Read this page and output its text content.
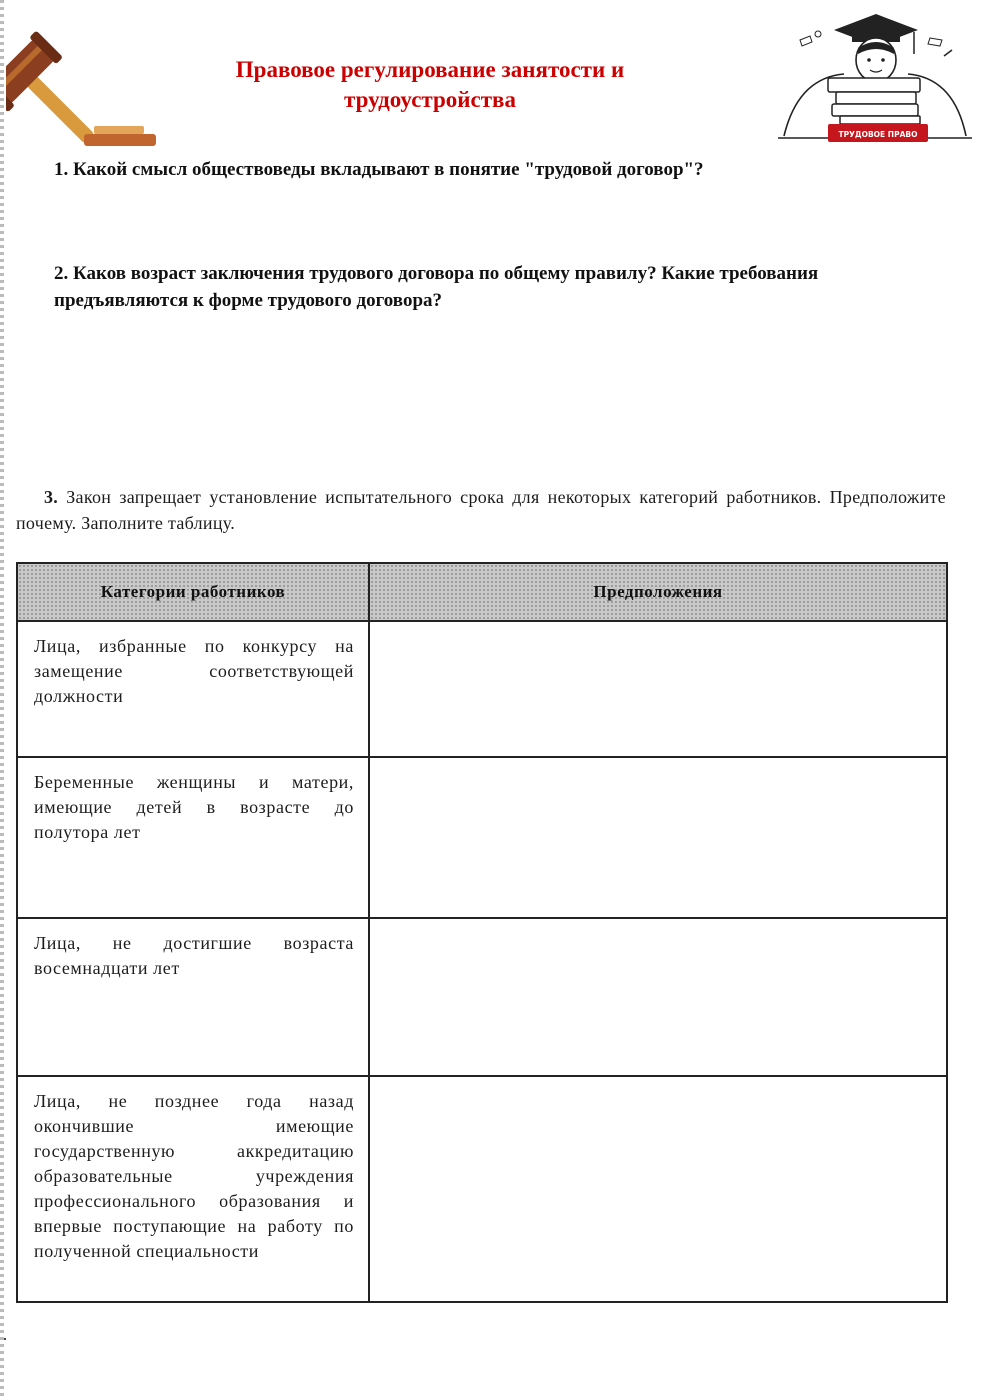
ТРУДОВОЕ ПРАВО
Правовое регулирование занятости и
трудоустройства
1. Какой смысл обществоведы вкладывают в понятие "трудовой договор"?
2. Каков возраст заключения трудового договора по общему правилу? Какие требования предъявляются к форме трудового договора?
3. Закон запрещает установление испытательного срока для некоторых категорий работников. Предположите почему. Заполните таблицу.
Категории работников	Предположения
Лица, избранные по конкурсу на замещение соответствующей должности	
Беременные женщины и матери, имеющие детей в возрасте до полутора лет	
Лица, не достигшие возраста восемнадцати лет	
Лица, не позднее года назад окончившие имеющие государственную аккредитацию образовательные учреждения профессионального образования и впервые поступающие на работу по полученной специальности	
